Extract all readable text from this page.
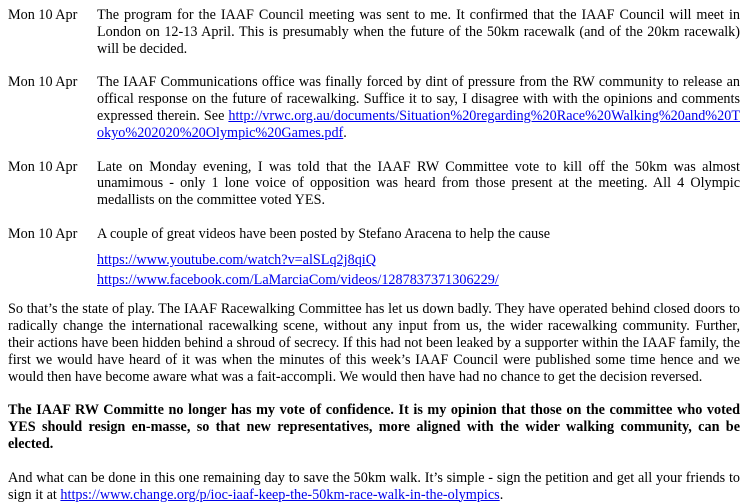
Mon 10 Apr	The program for the IAAF Council meeting was sent to me. It confirmed that the IAAF Council will meet in London on 12-13 April. This is presumably when the future of the 50km racewalk (and of the 20km racewalk) will be decided.
Mon 10 Apr	The IAAF Communications office was finally forced by dint of pressure from the RW community to release an offical response on the future of racewalking. Suffice it to say, I disagree with with the opinions and comments expressed therein. See http://vrwc.org.au/documents/Situation%20regarding%20Race%20Walking%20and%20Tokyo%202020%20Olympic%20Games.pdf.
Mon 10 Apr	Late on Monday evening, I was told that the IAAF RW Committee vote to kill off the 50km was almost unamimous - only 1 lone voice of opposition was heard from those present at the meeting. All 4 Olympic medallists on the committee voted YES.
Mon 10 Apr	A couple of great videos have been posted by Stefano Aracena to help the cause

https://www.youtube.com/watch?v=alSLq2j8qiQ
https://www.facebook.com/LaMarciaCom/videos/1287837371306229/

So that’s the state of play. The IAAF Racewalking Committee has let us down badly. They have operated behind closed doors to radically change the international racewalking scene, without any input from us, the wider racewalking community. Further, their actions have been hidden behind a shroud of secrecy. If this had not been leaked by a supporter within the IAAF family, the first we would have heard of it was when the minutes of this week’s IAAF Council were published some time hence and we would then have become aware what was a fait-accompli. We would then have had no chance to get the decision reversed.

The IAAF RW Committe no longer has my vote of confidence. It is my opinion that those on the committee who voted YES should resign en-masse, so that new representatives, more aligned with the wider walking community, can be elected.

And what can be done in this one remaining day to save the 50km walk. It’s simple - sign the petition and get all your friends to sign it at https://www.change.org/p/ioc-iaaf-keep-the-50km-race-walk-in-the-olympics.
